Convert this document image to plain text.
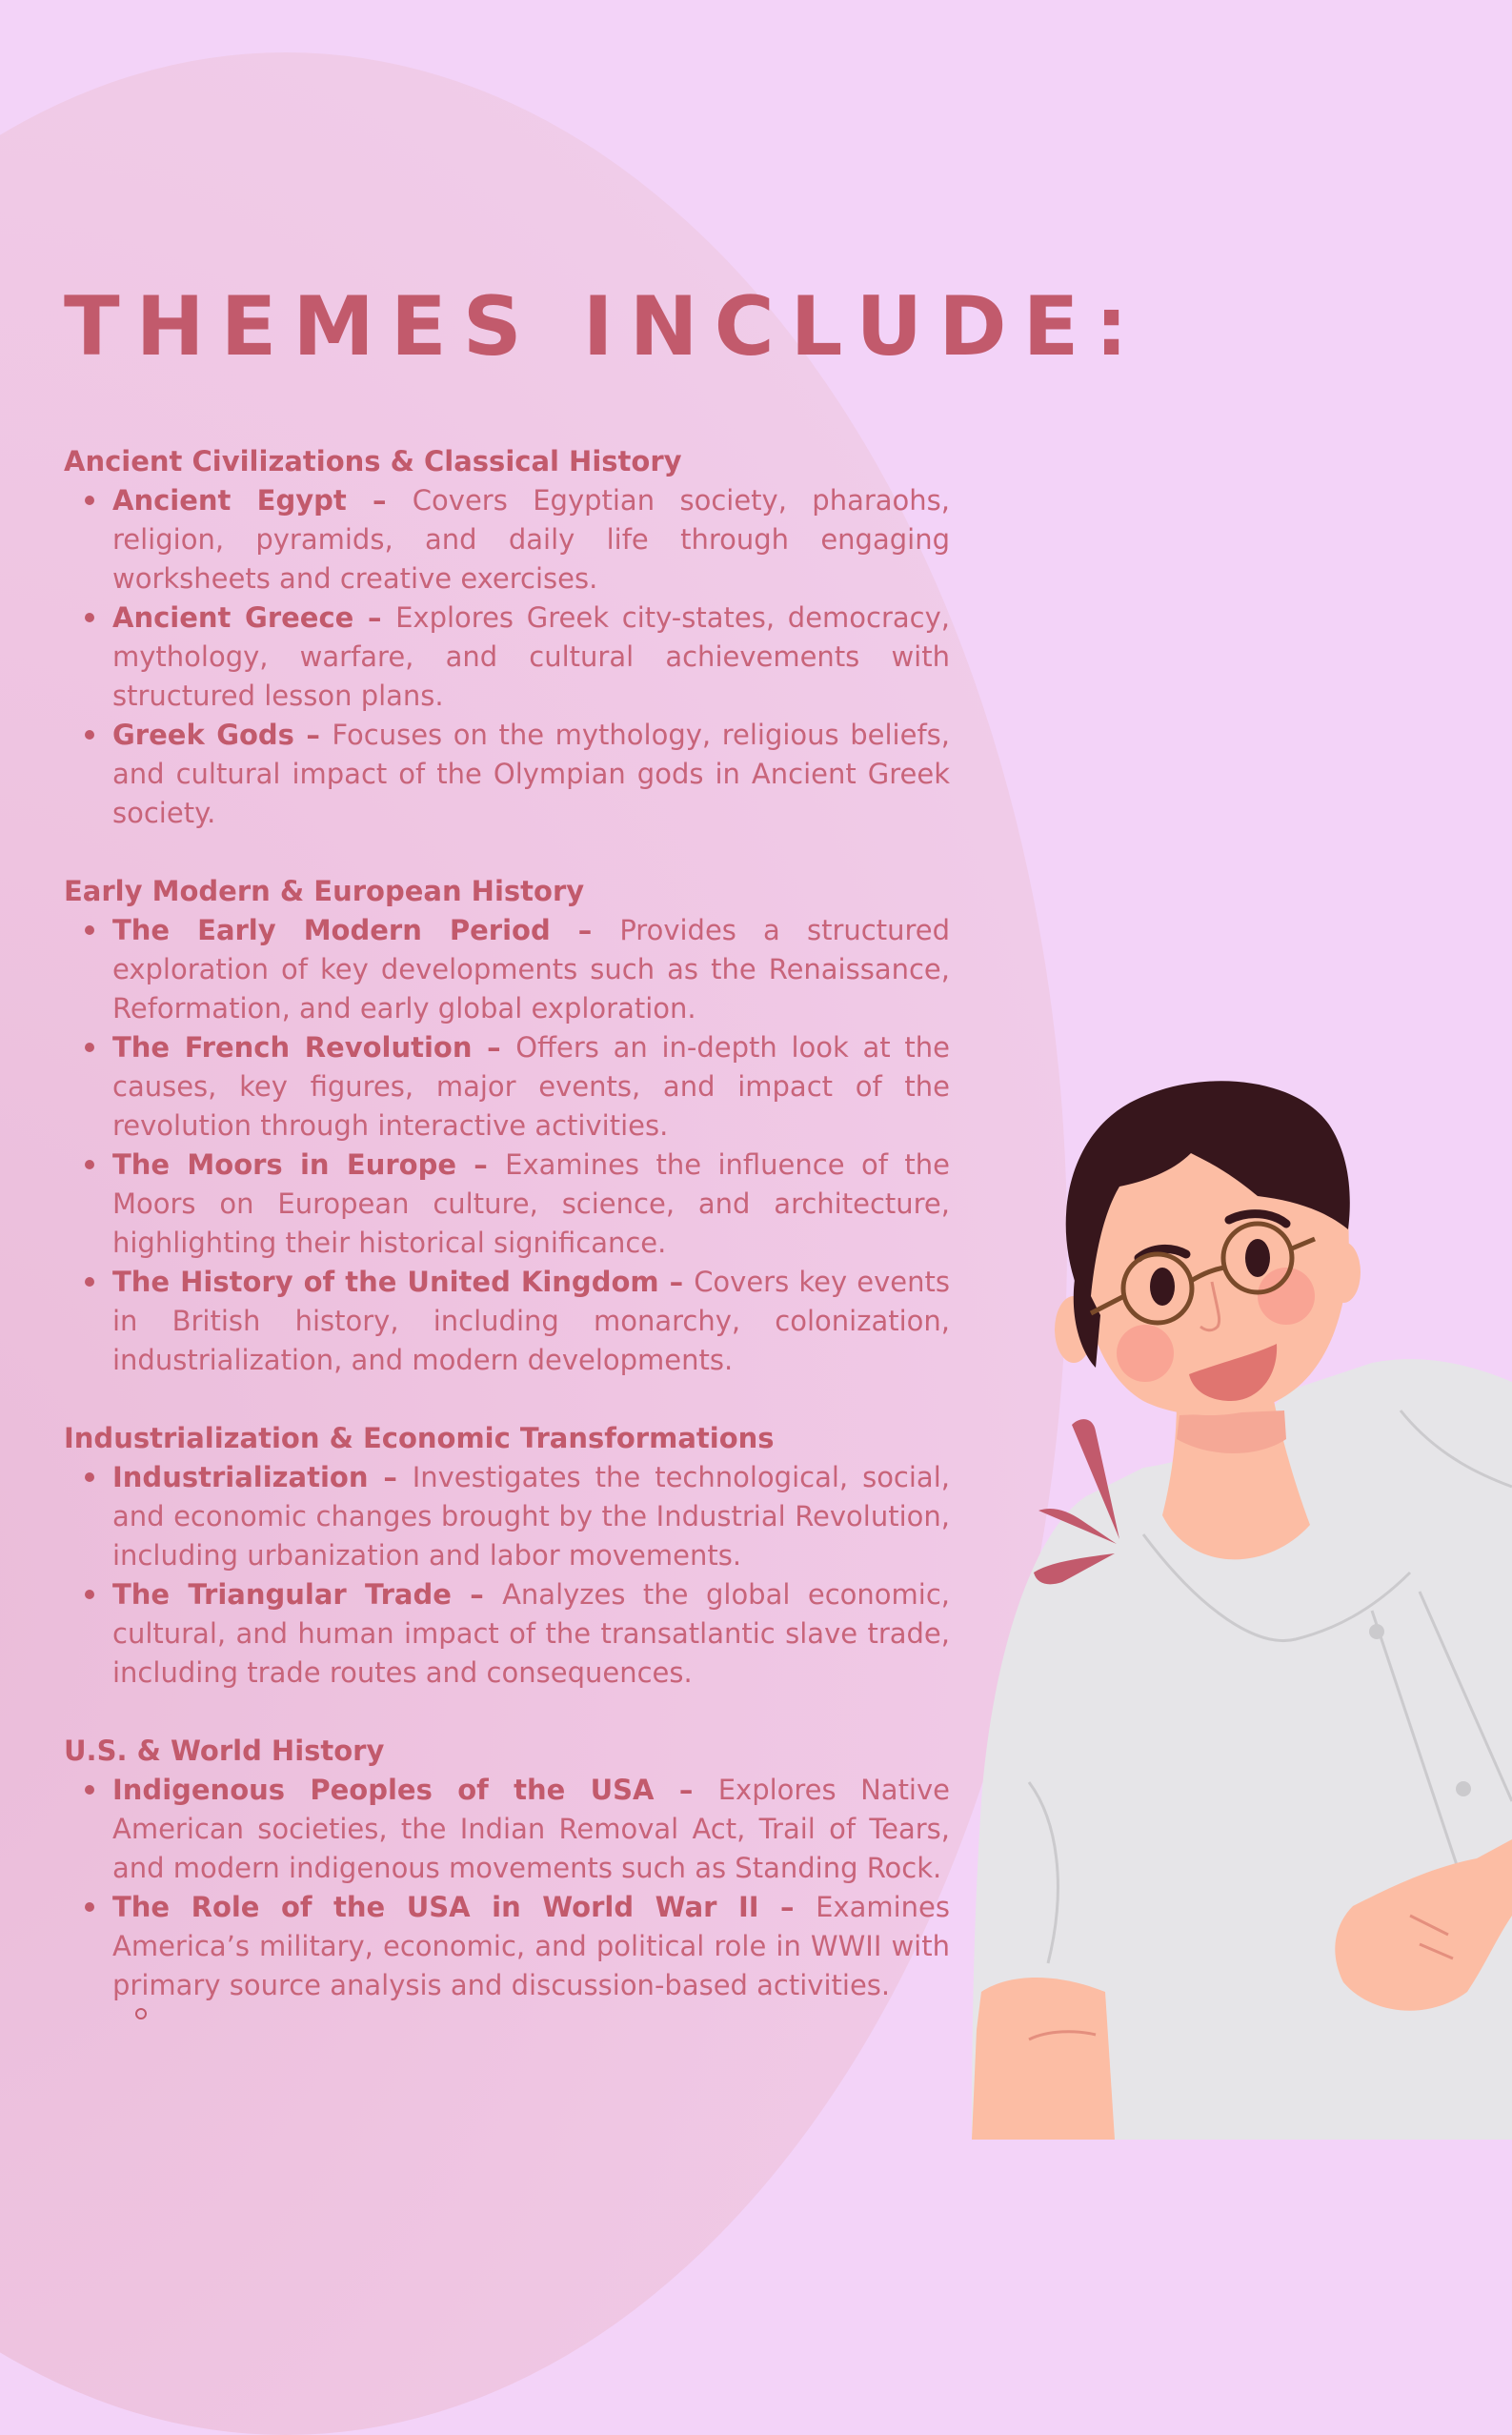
THEMES INCLUDE:
Ancient Civilizations & Classical History
Ancient Egypt – Covers Egyptian society, pharaohs, religion, pyramids, and daily life through engaging worksheets and creative exercises.
Ancient Greece – Explores Greek city-states, democracy, mythology, warfare, and cultural achievements with structured lesson plans.
Greek Gods – Focuses on the mythology, religious beliefs, and cultural impact of the Olympian gods in Ancient Greek society.
Early Modern & European History
The Early Modern Period – Provides a structured exploration of key developments such as the Renaissance, Reformation, and early global exploration.
The French Revolution – Offers an in-depth look at the causes, key figures, major events, and impact of the revolution through interactive activities.
The Moors in Europe – Examines the influence of the Moors on European culture, science, and architecture, highlighting their historical significance.
The History of the United Kingdom – Covers key events in British history, including monarchy, colonization, industrialization, and modern developments.
Industrialization & Economic Transformations
Industrialization – Investigates the technological, social, and economic changes brought by the Industrial Revolution, including urbanization and labor movements.
The Triangular Trade – Analyzes the global economic, cultural, and human impact of the transatlantic slave trade, including trade routes and consequences.
U.S. & World History
Indigenous Peoples of the USA – Explores Native American societies, the Indian Removal Act, Trail of Tears, and modern indigenous movements such as Standing Rock.
The Role of the USA in World War II – Examines America’s military, economic, and political role in WWII with primary source analysis and discussion-based activities.
